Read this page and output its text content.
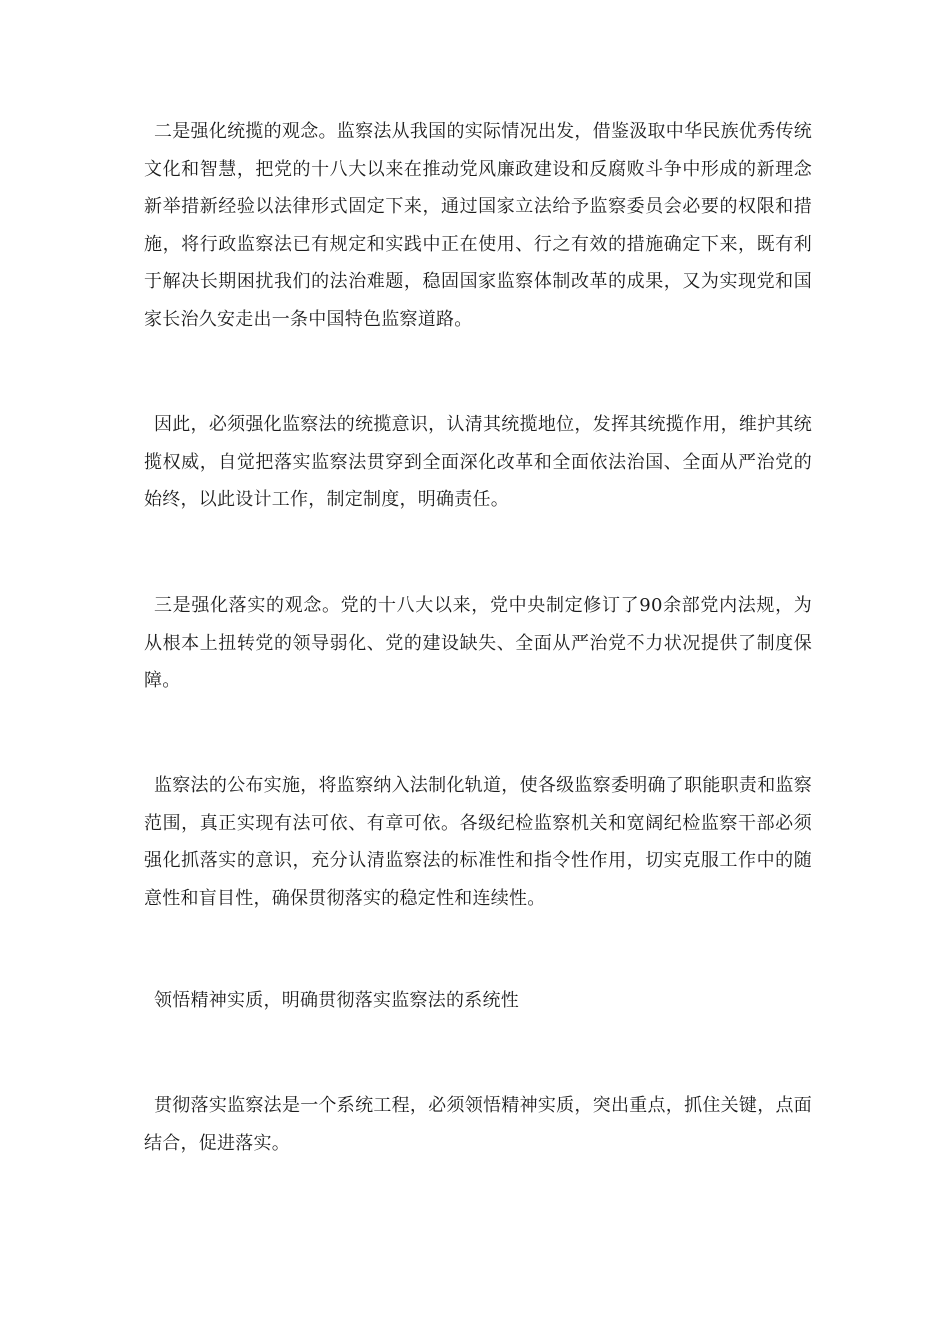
二是强化统揽的观念。监察法从我国的实际情况出发，借鉴汲取中华民族优秀传统文化和智慧，把党的十八大以来在推动党风廉政建设和反腐败斗争中形成的新理念新举措新经验以法律形式固定下来，通过国家立法给予监察委员会必要的权限和措施，将行政监察法已有规定和实践中正在使用、行之有效的措施确定下来，既有利于解决长期困扰我们的法治难题，稳固国家监察体制改革的成果，又为实现党和国家长治久安走出一条中国特色监察道路。

因此，必须强化监察法的统揽意识，认清其统揽地位，发挥其统揽作用，维护其统揽权威，自觉把落实监察法贯穿到全面深化改革和全面依法治国、全面从严治党的始终，以此设计工作，制定制度，明确责任。

三是强化落实的观念。党的十八大以来，党中央制定修订了90余部党内法规，为从根本上扭转党的领导弱化、党的建设缺失、全面从严治党不力状况提供了制度保障。

监察法的公布实施，将监察纳入法制化轨道，使各级监察委明确了职能职责和监察范围，真正实现有法可依、有章可依。各级纪检监察机关和宽阔纪检监察干部必须强化抓落实的意识，充分认清监察法的标准性和指令性作用，切实克服工作中的随意性和盲目性，确保贯彻落实的稳定性和连续性。

领悟精神实质，明确贯彻落实监察法的系统性

贯彻落实监察法是一个系统工程，必须领悟精神实质，突出重点，抓住关键，点面结合，促进落实。
